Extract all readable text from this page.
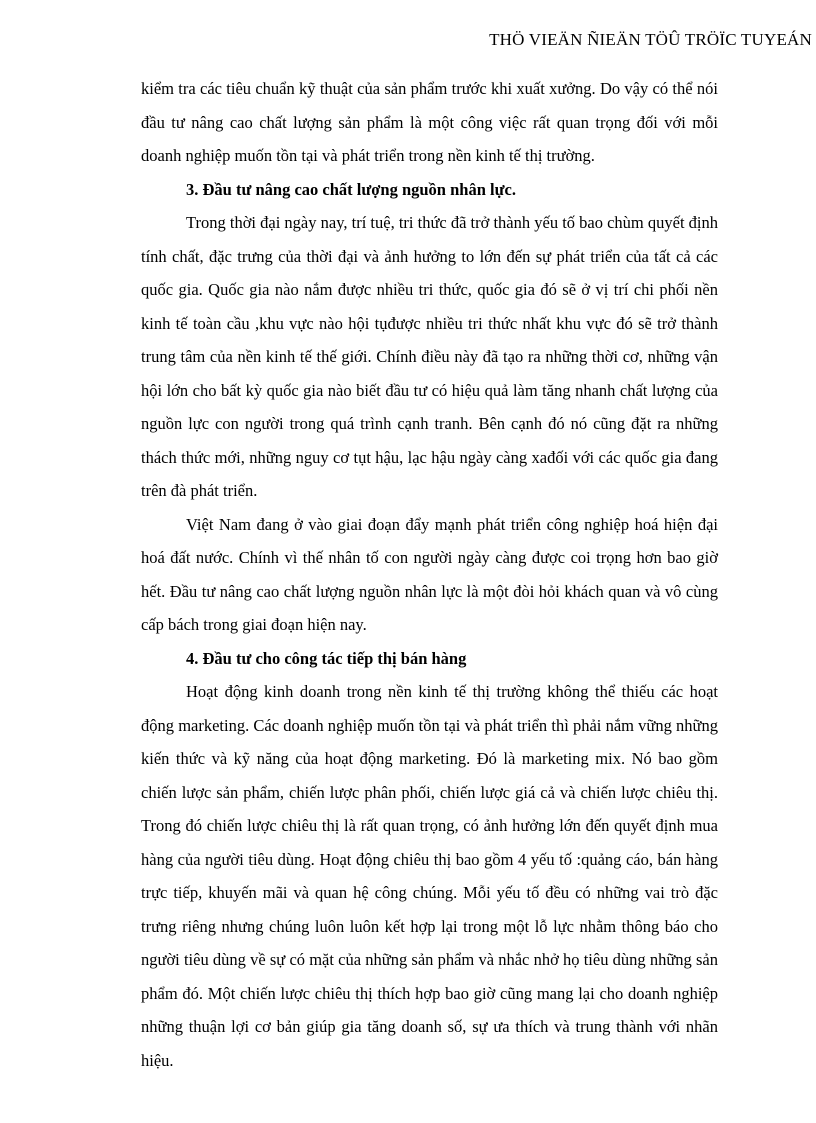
THÖ VIEÄN ÑIEÄN TÖÛ TRÖÏC TUYEÁN

kiểm tra các tiêu chuẩn kỹ thuật của sản phẩm trước khi xuất xưởng. Do vậy có thể nói đầu tư nâng cao chất lượng sản phẩm là một công việc rất quan trọng đối với mỗi doanh nghiệp muốn tồn tại và phát triển trong nền kinh tế thị trường.

3. Đầu tư nâng cao chất lượng nguồn nhân lực.

Trong thời đại ngày nay, trí tuệ, tri thức đã trở thành yếu tố bao chùm quyết định tính chất, đặc trưng của thời đại và ảnh hưởng to lớn đến sự phát triển của tất cả các quốc gia. Quốc gia nào nắm được nhiều tri thức, quốc gia đó sẽ ở vị trí chi phối nền kinh tế toàn cầu ,khu vực nào hội tụđược nhiều tri thức nhất khu vực đó sẽ trở thành trung tâm của nền kinh tế thế giới. Chính điều này đã tạo ra những thời cơ, những vận hội lớn cho bất kỳ quốc gia nào biết đầu tư có hiệu quả làm tăng nhanh chất lượng của nguồn lực con người trong quá trình cạnh tranh. Bên cạnh đó nó cũng đặt ra những thách thức mới, những nguy cơ tụt hậu, lạc hậu ngày càng xađối với các quốc gia đang trên đà phát triển.

Việt Nam đang ở vào giai đoạn đẩy mạnh phát triển công nghiệp hoá hiện đại hoá đất nước. Chính vì thế nhân tố con người ngày càng được coi trọng hơn bao giờ hết. Đầu tư nâng cao chất lượng nguồn nhân lực là một đòi hỏi khách quan và vô cùng cấp bách trong giai đoạn hiện nay.

4. Đầu tư cho công tác tiếp thị bán hàng

Hoạt động kinh doanh trong nền kinh tế thị trường không thể thiếu các hoạt động marketing. Các doanh nghiệp muốn tồn tại và phát triển thì phải nắm vững những kiến thức và kỹ năng của hoạt động marketing. Đó là marketing mix. Nó bao gồm chiến lược sản phẩm, chiến lược phân phối, chiến lược giá cả và chiến lược chiêu thị. Trong đó chiến lược chiêu thị là rất quan trọng, có ảnh hưởng lớn đến quyết định mua hàng của người tiêu dùng. Hoạt động chiêu thị bao gồm 4 yếu tố :quảng cáo, bán hàng trực tiếp, khuyến mãi và quan hệ công chúng. Mỗi yếu tố đều có những vai trò đặc trưng riêng nhưng chúng luôn luôn kết hợp lại trong một lỗ lực nhằm thông báo cho người tiêu dùng về sự có mặt của những sản phẩm và nhắc nhở họ tiêu dùng những sản phẩm đó. Một chiến lược chiêu thị thích hợp bao giờ cũng mang lại cho doanh nghiệp những thuận lợi cơ bản giúp gia tăng doanh số, sự ưa thích và trung thành với nhãn hiệu.
